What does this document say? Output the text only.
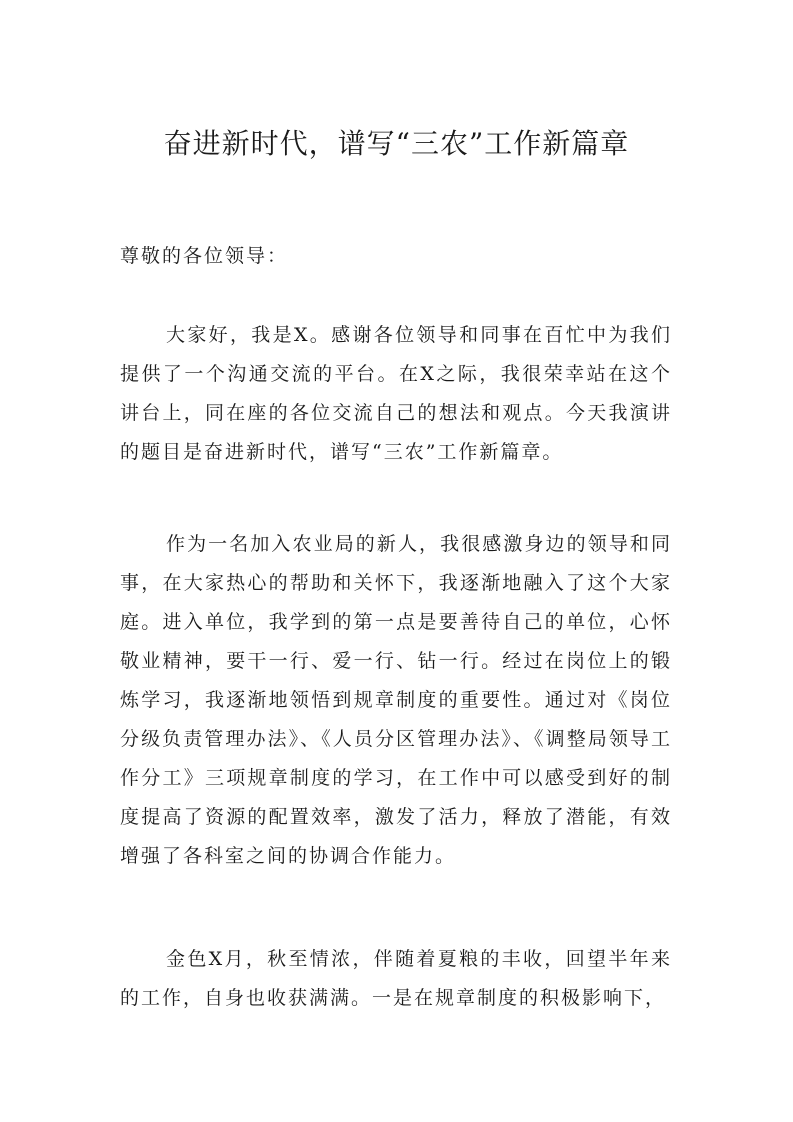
奋进新时代，谱写“三农”工作新篇章
尊敬的各位领导：

大家好，我是X。感谢各位领导和同事在百忙中为我们提供了一个沟通交流的平台。在X之际，我很荣幸站在这个讲台上，同在座的各位交流自己的想法和观点。今天我演讲的题目是奋进新时代，谱写“三农”工作新篇章。

作为一名加入农业局的新人，我很感激身边的领导和同事，在大家热心的帮助和关怀下，我逐渐地融入了这个大家庭。进入单位，我学到的第一点是要善待自己的单位，心怀敬业精神，要干一行、爱一行、钻一行。经过在岗位上的锻炼学习，我逐渐地领悟到规章制度的重要性。通过对《岗位分级负责管理办法》、《人员分区管理办法》、《调整局领导工作分工》三项规章制度的学习，在工作中可以感受到好的制度提高了资源的配置效率，激发了活力，释放了潜能，有效增强了各科室之间的协调合作能力。

金色X月，秋至情浓，伴随着夏粮的丰收，回望半年来的工作，自身也收获满满。一是在规章制度的积极影响下，
